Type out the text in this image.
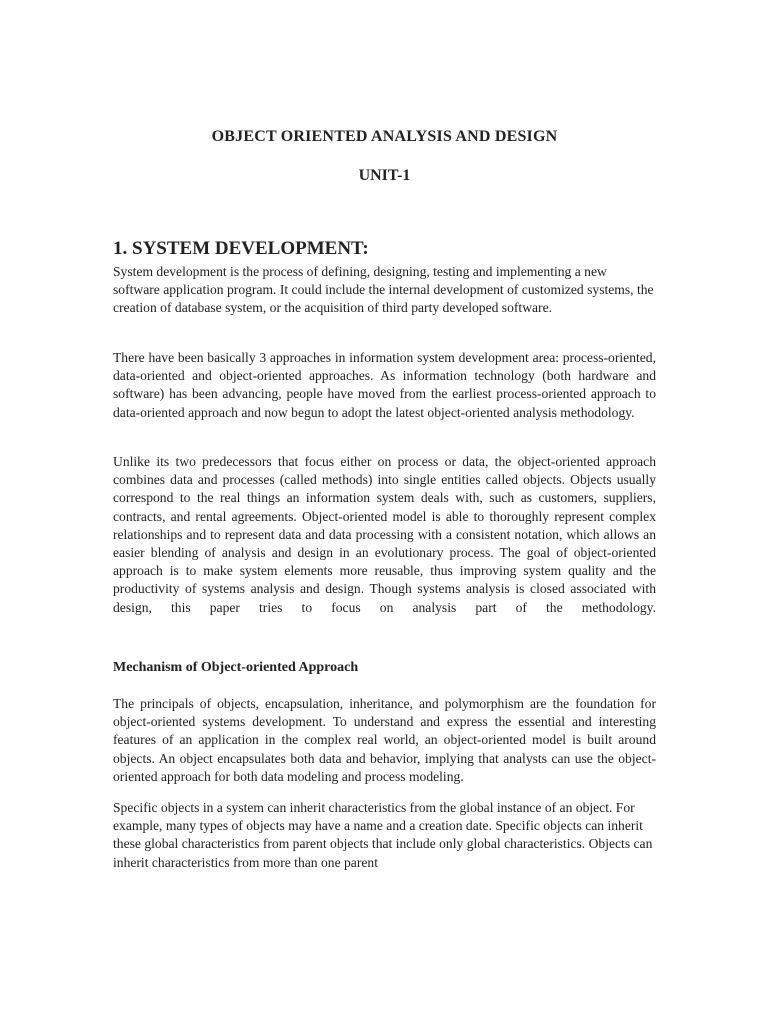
OBJECT ORIENTED ANALYSIS AND DESIGN
UNIT-1
1. SYSTEM DEVELOPMENT:

System development is the process of defining, designing, testing and implementing a new software application program. It could include the internal development of customized systems, the creation of database system, or the acquisition of third party developed software.

There have been basically 3 approaches in information system development area: process-oriented, data-oriented and object-oriented approaches. As information technology (both hardware and software) has been advancing, people have moved from the earliest process-oriented approach to data-oriented approach and now begun to adopt the latest object-oriented analysis methodology.

Unlike its two predecessors that focus either on process or data, the object-oriented approach combines data and processes (called methods) into single entities called objects. Objects usually correspond to the real things an information system deals with, such as customers, suppliers, contracts, and rental agreements. Object-oriented model is able to thoroughly represent complex relationships and to represent data and data processing with a consistent notation, which allows an easier blending of analysis and design in an evolutionary process. The goal of object-oriented approach is to make system elements more reusable, thus improving system quality and the productivity of systems analysis and design. Though systems analysis is closed associated with design, this paper tries to focus on analysis part of the methodology.

Mechanism of Object-oriented Approach

The principals of objects, encapsulation, inheritance, and polymorphism are the foundation for object-oriented systems development. To understand and express the essential and interesting features of an application in the complex real world, an object-oriented model is built around objects. An object encapsulates both data and behavior, implying that analysts can use the object-oriented approach for both data modeling and process modeling.

Specific objects in a system can inherit characteristics from the global instance of an object. For example, many types of objects may have a name and a creation date. Specific objects can inherit these global characteristics from parent objects that include only global characteristics. Objects can inherit characteristics from more than one parent
